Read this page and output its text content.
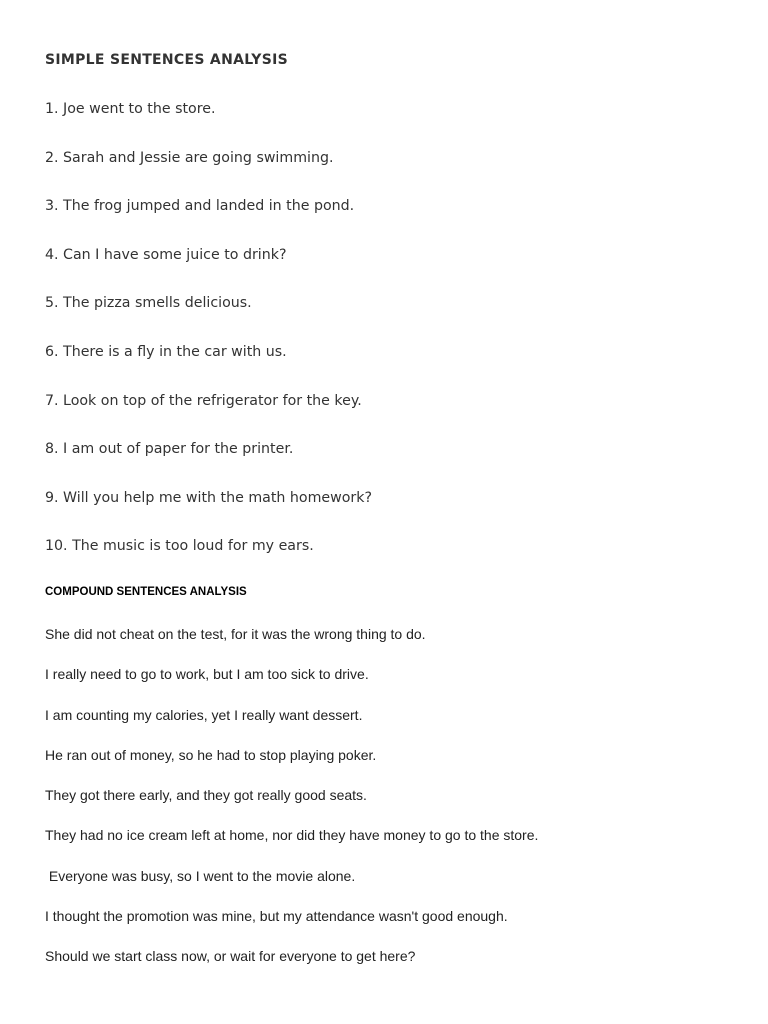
SIMPLE SENTENCES ANALYSIS
1. Joe went to the store.
2. Sarah and Jessie are going swimming.
3. The frog jumped and landed in the pond.
4. Can I have some juice to drink?
5. The pizza smells delicious.
6. There is a fly in the car with us.
7. Look on top of the refrigerator for the key.
8. I am out of paper for the printer.
9. Will you help me with the math homework?
10. The music is too loud for my ears.
COMPOUND SENTENCES ANALYSIS
She did not cheat on the test, for it was the wrong thing to do.
I really need to go to work, but I am too sick to drive.
I am counting my calories, yet I really want dessert.
He ran out of money, so he had to stop playing poker.
They got there early, and they got really good seats.
They had no ice cream left at home, nor did they have money to go to the store.
Everyone was busy, so I went to the movie alone.
I thought the promotion was mine, but my attendance wasn't good enough.
Should we start class now, or wait for everyone to get here?
